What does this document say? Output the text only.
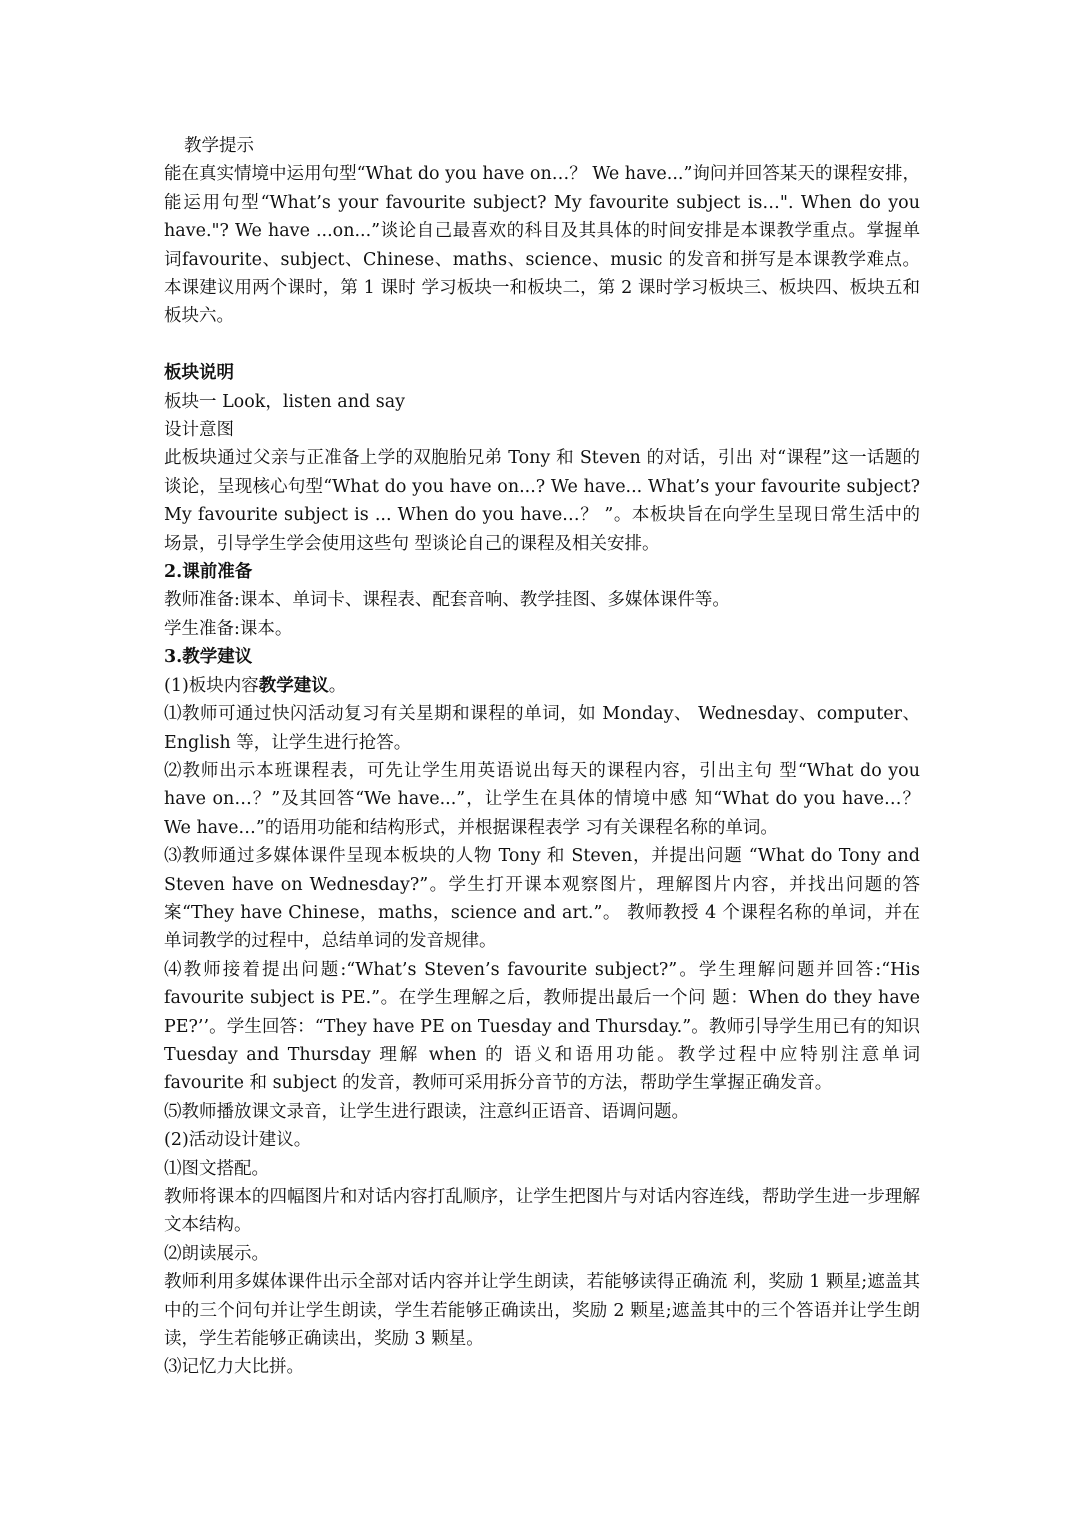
教学提示

能在真实情境中运用句型“What do you have on…？ We have...”询问并回答某天的课程安排，能运用句型“What’s your favourite subject? My favourite subject is…". When do you have."? We have ...on...”谈论自己最喜欢的科目及其具体的时间安排是本课教学重点。掌握单词favourite、subject、Chinese、maths、science、music 的发音和拼写是本课教学难点。本课建议用两个课时，第 1 课时 学习板块一和板块二，第 2 课时学习板块三、板块四、板块五和板块六。

板块说明

板块一 Look，listen and say

设计意图

此板块通过父亲与正准备上学的双胞胎兄弟 Tony 和 Steven 的对话，引出 对“课程”这一话题的谈论，呈现核心句型“What do you have on...? We have... What’s your favourite subject? My favourite subject is ... When do you have…？ ”。本板块旨在向学生呈现日常生活中的场景，引导学生学会使用这些句 型谈论自己的课程及相关安排。

2.课前准备

教师准备:课本、单词卡、课程表、配套音响、教学挂图、多媒体课件等。

学生准备:课本。

3.教学建议

(1)板块内容教学建议。

⑴教师可通过快闪活动复习有关星期和课程的单词，如 Monday、 Wednesday、computer、English 等，让学生进行抢答。

⑵教师出示本班课程表，可先让学生用英语说出每天的课程内容，引出主句 型“What do you have on…？”及其回答“We have...”，让学生在具体的情境中感 知“What do you have…？ We have…”的语用功能和结构形式，并根据课程表学 习有关课程名称的单词。

⑶教师通过多媒体课件呈现本板块的人物 Tony 和 Steven，并提出问题 “What do Tony and Steven have on Wednesday?”。学生打开课本观察图片，理解图片内容，并找出问题的答案“They have Chinese，maths，science and art.”。 教师教授 4 个课程名称的单词，并在单词教学的过程中，总结单词的发音规律。

⑷教师接着提出问题:“What’s Steven’s favourite subject?”。学生理解问题并回答:“His favourite subject is PE.”。在学生理解之后，教师提出最后一个问 题：When do they have PE?’’。学生回答：“They have PE on Tuesday and Thursday.”。教师引导学生用已有的知识 Tuesday and Thursday 理解 when 的 语义和语用功能。教学过程中应特别注意单词 favourite 和 subject 的发音，教师可采用拆分音节的方法，帮助学生掌握正确发音。

⑸教师播放课文录音，让学生进行跟读，注意纠正语音、语调问题。

(2)活动设计建议。

⑴图文搭配。

教师将课本的四幅图片和对话内容打乱顺序，让学生把图片与对话内容连线，帮助学生进一步理解文本结构。

⑵朗读展示。

教师利用多媒体课件出示全部对话内容并让学生朗读，若能够读得正确流 利，奖励 1 颗星;遮盖其中的三个问句并让学生朗读，学生若能够正确读出，奖励 2 颗星;遮盖其中的三个答语并让学生朗读，学生若能够正确读出，奖励 3 颗星。

⑶记忆力大比拼。
